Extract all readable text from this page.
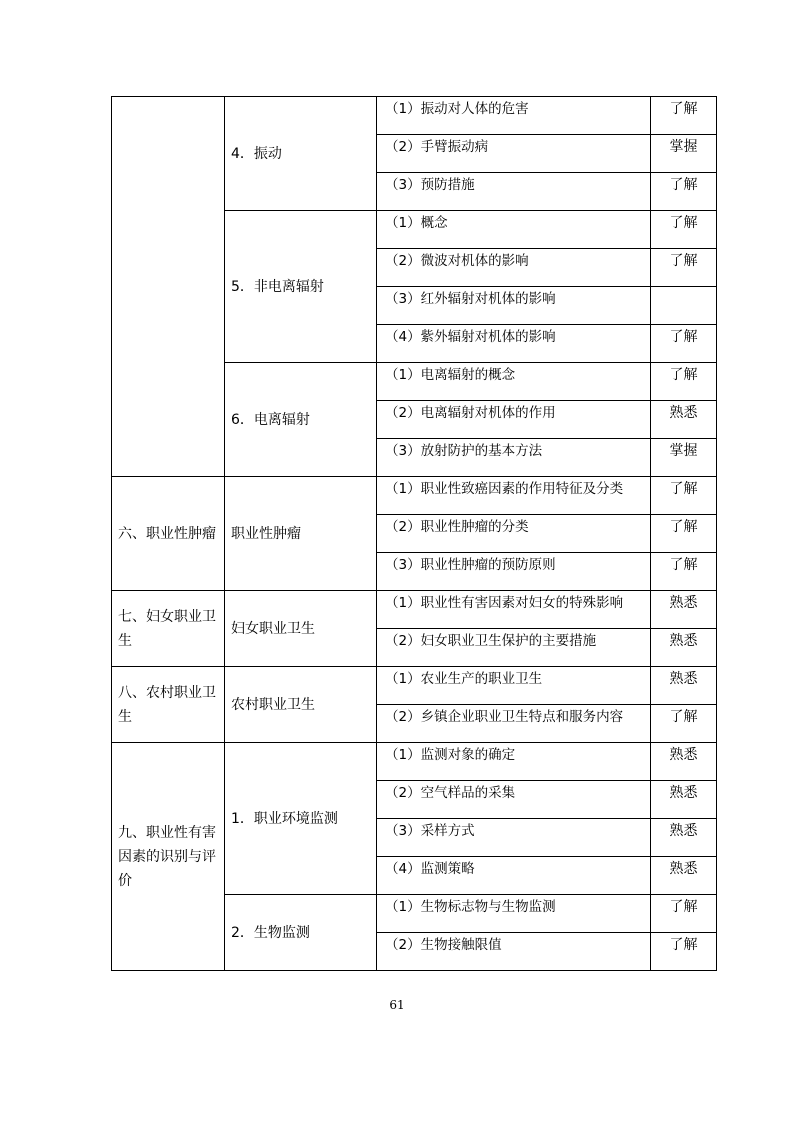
	4．振动	（1）振动对人体的危害	了解
		（2）手臂振动病	掌握
		（3）预防措施	了解
	5．非电离辐射	（1）概念	了解
		（2）微波对机体的影响	了解
		（3）红外辐射对机体的影响	
		（4）紫外辐射对机体的影响	了解
	6．电离辐射	（1）电离辐射的概念	了解
		（2）电离辐射对机体的作用	熟悉
		（3）放射防护的基本方法	掌握
六、职业性肿瘤	职业性肿瘤	（1）职业性致癌因素的作用特征及分类	了解
		（2）职业性肿瘤的分类	了解
		（3）职业性肿瘤的预防原则	了解
七、妇女职业卫生	妇女职业卫生	（1）职业性有害因素对妇女的特殊影响	熟悉
		（2）妇女职业卫生保护的主要措施	熟悉
八、农村职业卫生	农村职业卫生	（1）农业生产的职业卫生	熟悉
		（2）乡镇企业职业卫生特点和服务内容	了解
九、职业性有害因素的识别与评价	1．职业环境监测	（1）监测对象的确定	熟悉
		（2）空气样品的采集	熟悉
		（3）采样方式	熟悉
		（4）监测策略	熟悉
	2．生物监测	（1）生物标志物与生物监测	了解
		（2）生物接触限值	了解
61
